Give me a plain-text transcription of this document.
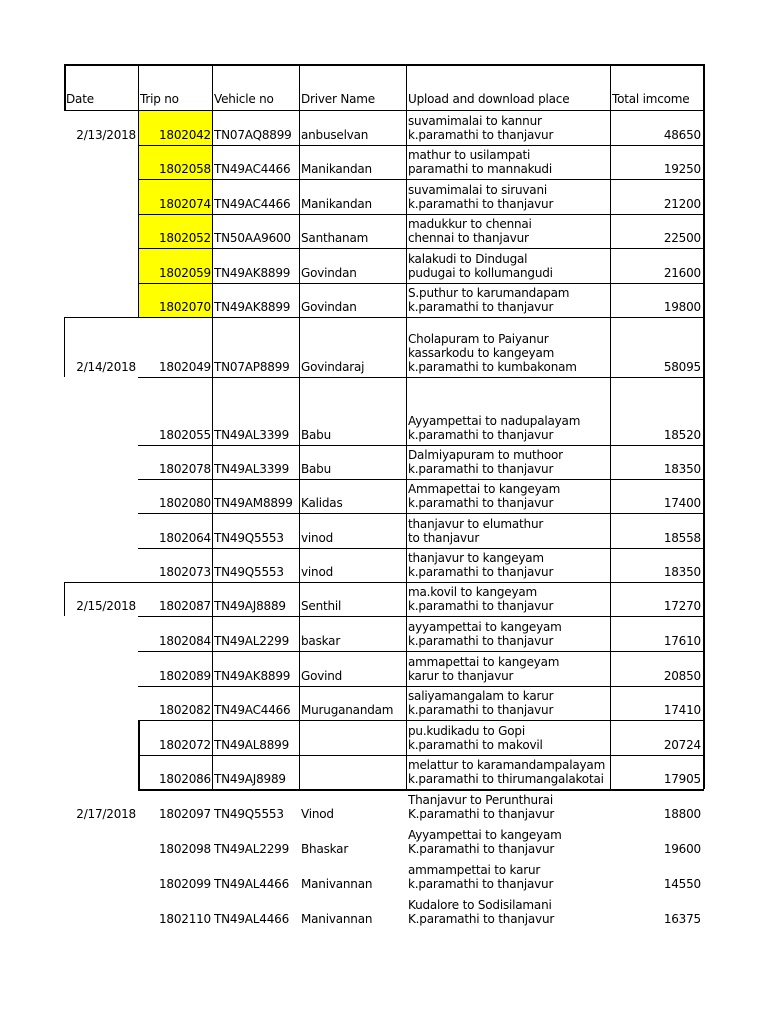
Date	Trip no	Vehicle no	Driver Name	Upload and download place	Total imcome
2/13/2018	1802042 TN07AQ8899 anbuselvan
suvamimalai to kannur
k.paramathi to thanjavur	48650
1802058 TN49AC4466 Manikandan
mathur to usilampati
paramathi to mannakudi	19250
1802074 TN49AC4466 Manikandan
suvamimalai to siruvani
k.paramathi to thanjavur	21200
1802052 TN50AA9600 Santhanam
madukkur to chennai
chennai to thanjavur	22500
1802059 TN49AK8899 Govindan
kalakudi to Dindugal
pudugai to kollumangudi	21600
1802070 TN49AK8899 Govindan
S.puthur to karumandapam
k.paramathi to thanjavur	19800
2/14/2018	1802049 TN07AP8899 Govindaraj
Cholapuram to Paiyanur
kassarkodu to kangeyam
k.paramathi to kumbakonam	58095
1802055 TN49AL3399 Babu
Ayyampettai to nadupalayam
k.paramathi to thanjavur	18520
1802078 TN49AL3399 Babu
Dalmiyapuram to muthoor
k.paramathi to thanjavur	18350
1802080 TN49AM8899 Kalidas
Ammapettai to kangeyam
k.paramathi to thanjavur	17400
1802064 TN49Q5553	vinod
thanjavur to elumathur
to thanjavur	18558
1802073 TN49Q5553	vinod
thanjavur to kangeyam
k.paramathi to thanjavur	18350
2/15/2018	1802087 TN49AJ8889	Senthil
ma.kovil to kangeyam
k.paramathi to thanjavur	17270
1802084 TN49AL2299 baskar
ayyampettai to kangeyam
k.paramathi to thanjavur	17610
1802089 TN49AK8899 Govind
ammapettai to kangeyam
karur to thanjavur	20850
1802082 TN49AC4466 Muruganandam
saliyamangalam to karur
k.paramathi to thanjavur	17410
1802072 TN49AL8899
pu.kudikadu to Gopi
k.paramathi to makovil	20724
1802086 TN49AJ8989
melattur to karamandampalayam
k.paramathi to thirumangalakotai	17905
2/17/2018	1802097 TN49Q5553	Vinod
Thanjavur to Perunthurai
K.paramathi to thanjavur	18800
1802098 TN49AL2299 Bhaskar
Ayyampettai to kangeyam
K.paramathi to thanjavur	19600
1802099 TN49AL4466 Manivannan
ammampettai to karur
k.paramathi to thanjavur	14550
1802110 TN49AL4466 Manivannan
Kudalore to Sodisilamani
K.paramathi to thanjavur	16375
